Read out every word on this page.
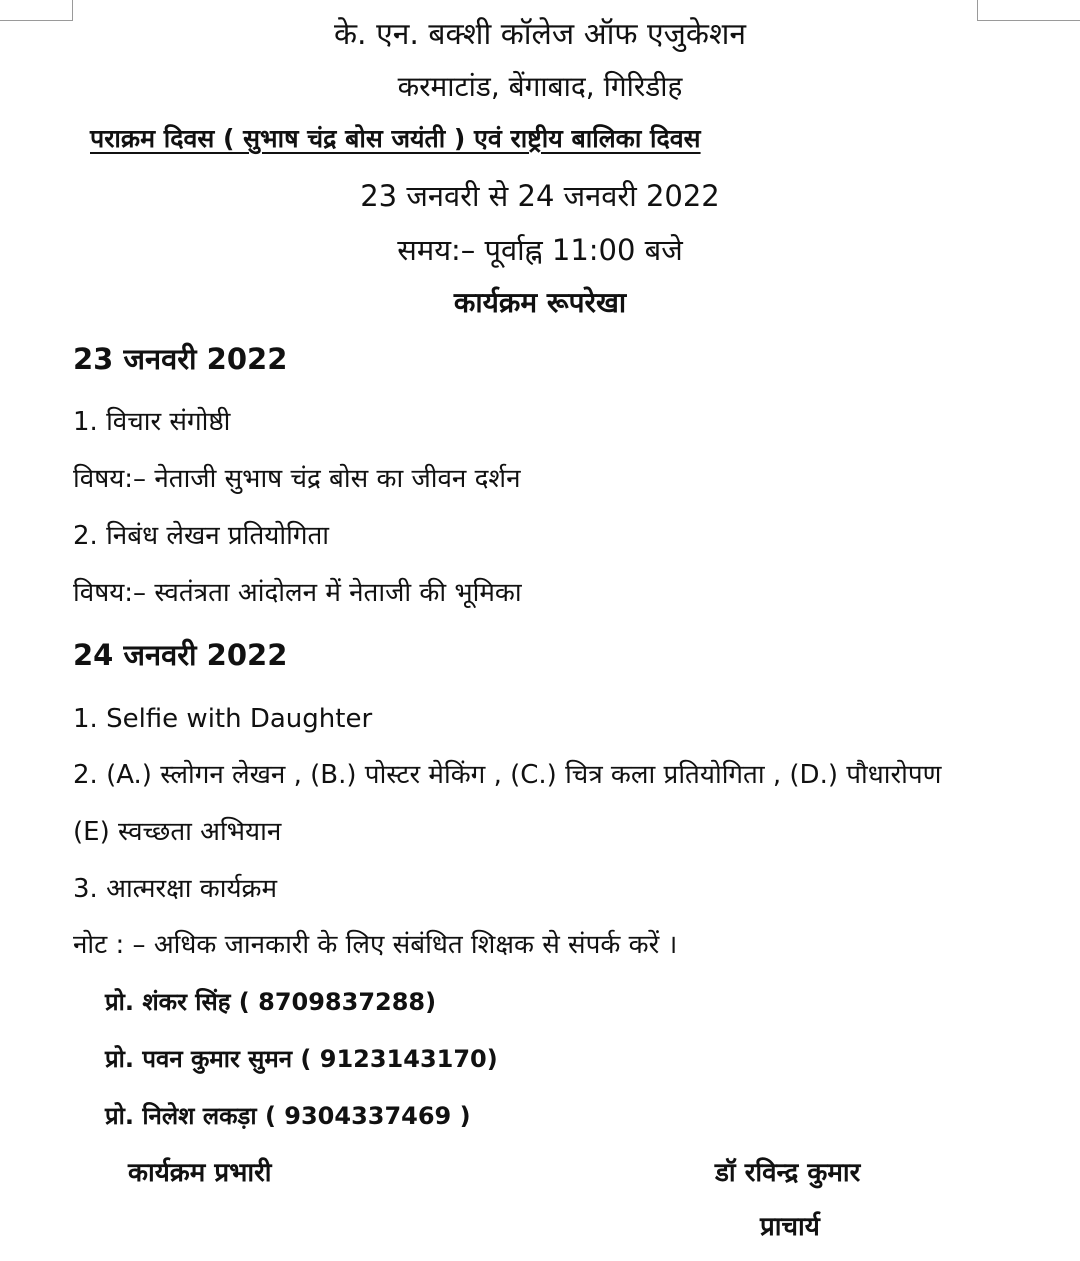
के. एन. बक्शी कॉलेज ऑफ एजुकेशन
करमाटांड, बेंगाबाद, गिरिडीह
पराक्रम दिवस ( सुभाष चंद्र बोस जयंती ) एवं राष्ट्रीय बालिका दिवस
23 जनवरी से 24 जनवरी 2022
समय:– पूर्वाह्न 11:00 बजे
कार्यक्रम रूपरेखा
23 जनवरी 2022
1. विचार संगोष्ठी
विषय:– नेताजी सुभाष चंद्र बोस का जीवन दर्शन
2. निबंध लेखन प्रतियोगिता
विषय:– स्वतंत्रता आंदोलन में नेताजी की भूमिका
24 जनवरी 2022
1. Selfie with Daughter
2. (A.) स्लोगन लेखन , (B.) पोस्टर मेकिंग , (C.) चित्र कला प्रतियोगिता , (D.) पौधारोपण
(E) स्वच्छता अभियान
3. आत्मरक्षा कार्यक्रम
नोट : – अधिक जानकारी के लिए संबंधित शिक्षक से संपर्क करें ।
प्रो. शंकर सिंह ( 8709837288)
प्रो. पवन कुमार सुमन ( 9123143170)
प्रो. निलेश लकड़ा ( 9304337469 )
कार्यक्रम प्रभारी	डॉ रविन्द्र कुमार
प्राचार्य
